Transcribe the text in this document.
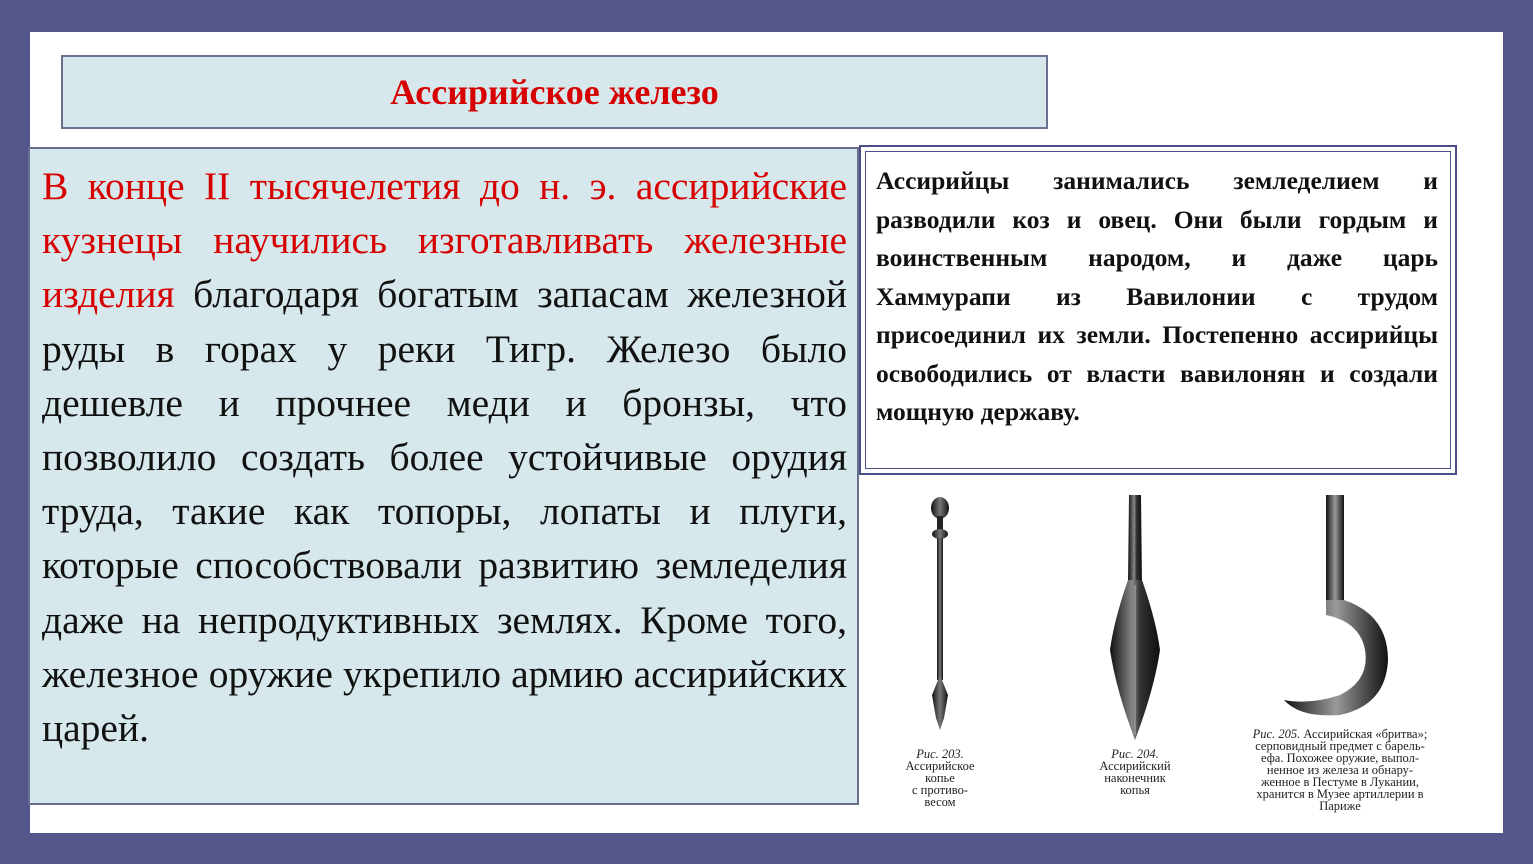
Ассирийское железо
В конце II тысячелетия до н. э. ассирийские кузнецы научились изготавливать железные изделия благодаря богатым запасам железной руды в горах у реки Тигр. Железо было дешевле и прочнее меди и бронзы, что позволило создать более устойчивые орудия труда, такие как топоры, лопаты и плуги, которые способствовали развитию земледелия даже на непродуктивных землях. Кроме того, железное оружие укрепило армию ассирийских царей.
Ассирийцы занимались земледелием и разводили коз и овец. Они были гордым и воинственным народом, и даже царь Хаммурапи из Вавилонии с трудом присоединил их земли. Постепенно ассирийцы освободились от власти вавилонян и создали мощную державу.
Рис. 203.
Ассирийское
копье
с противо-
весом
Рис. 204.
Ассирийский
наконечник
копья
Рис. 205. Ассирийская «бритва»;
серповидный предмет с барель-
ефа. Похожее оружие, выпол-
ненное из железа и обнару-
женное в Пестуме в Лукании,
хранится в Музее артиллерии в
Париже
